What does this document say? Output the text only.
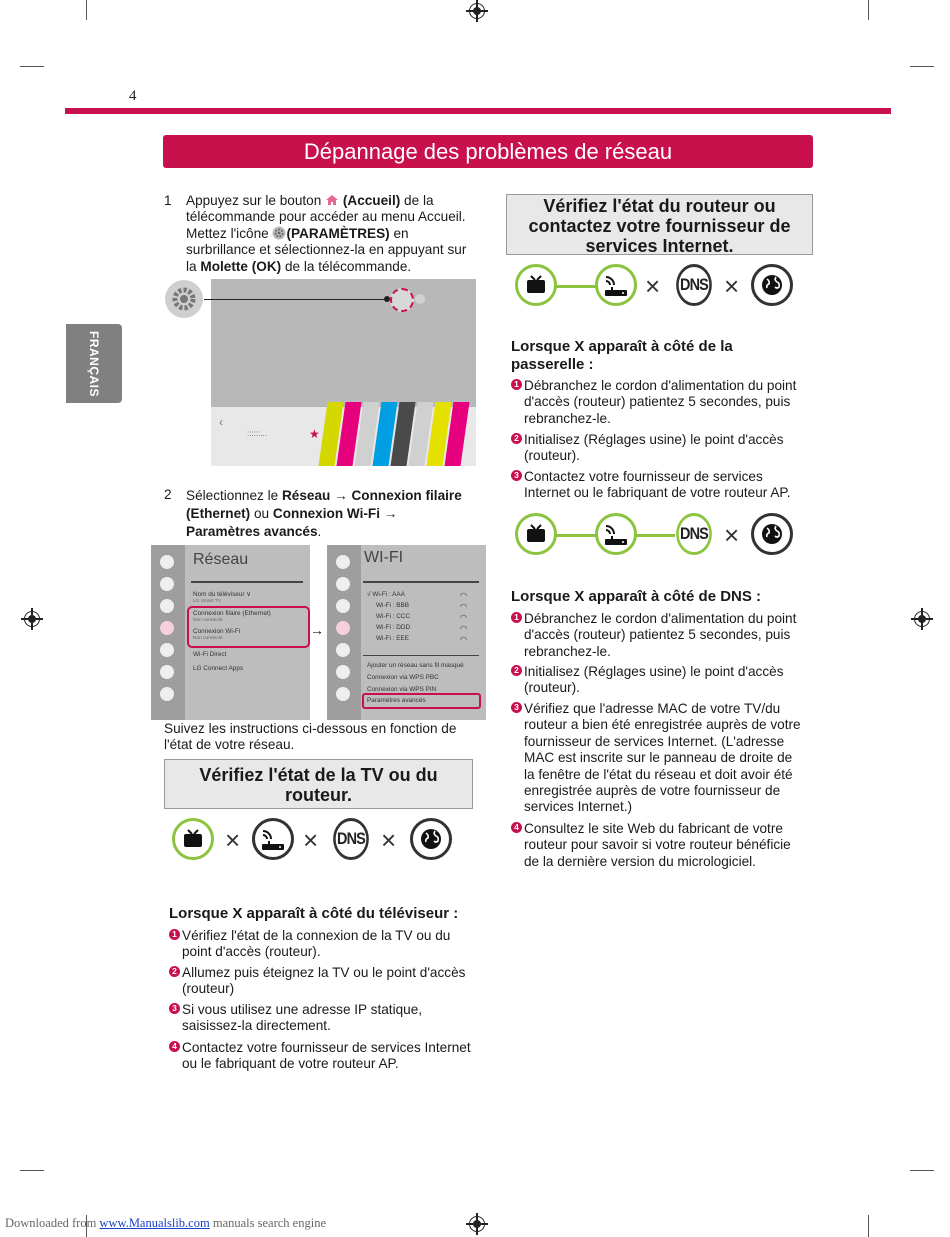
4
Dépannage des problèmes de réseau
FRANÇAIS
1 Appuyez sur le bouton (Accueil) de la télécommande pour accéder au menu Accueil. Mettez l'icône (PARAMÈTRES) en surbrillance et sélectionnez-la en appuyant sur la Molette (OK) de la télécommande.
‹
::::::...	★
2 Sélectionnez le Réseau → Connexion filaire (Ethernet) ou Connexion Wi-Fi → Paramètres avancés.
Réseau
Nom du téléviseur ∨
LG Smart TV
Connexion filaire (Ethernet)
Non connecté
Connexion Wi-Fi
Non connecté
Wi-Fi Direct
LG Connect Apps
→
WI-FI
√ Wi-Fi : AAA
Wi-Fi : BBB
Wi-Fi : CCC
Wi-Fi : DDD
Wi-Fi : EEE
◠
◠
◠
◠
◠
Ajouter un réseau sans fil masqué
Connexion via WPS PBC
Connexion via WPS PIN
Paramètres avancés

Suivez les instructions ci-dessous en fonction de l'état de votre réseau.

Vérifiez l'état de la TV ou du routeur.
× × DNS ×
Lorsque X apparaît à côté du téléviseur :
1 Vérifiez l'état de la connexion de la TV ou du point d'accès (routeur).
2 Allumez puis éteignez la TV ou le point d'accès (routeur)
3 Si vous utilisez une adresse IP statique, saisissez-la directement.
4 Contactez votre fournisseur de services Internet ou le fabriquant de votre routeur AP.
Vérifiez l'état du routeur ou contactez votre fournisseur de services Internet.
× DNS ×
Lorsque X apparaît à côté de la passerelle :
1 Débranchez le cordon d'alimentation du point d'accès (routeur) patientez 5 secondes, puis rebranchez-le.
2 Initialisez (Réglages usine) le point d'accès (routeur).
3 Contactez votre fournisseur de services Internet ou le fabriquant de votre routeur AP.
DNS ×
Lorsque X apparaît à côté de DNS :
1 Débranchez le cordon d'alimentation du point d'accès (routeur) patientez 5 secondes, puis rebranchez-le.
2 Initialisez (Réglages usine) le point d'accès (routeur).
3 Vérifiez que l'adresse MAC de votre TV/du routeur a bien été enregistrée auprès de votre fournisseur de services Internet. (L'adresse MAC est inscrite sur le panneau de droite de la fenêtre de l'état du réseau et doit avoir été enregistrée auprès de votre fournisseur de services Internet.)
4 Consultez le site Web du fabricant de votre routeur pour savoir si votre routeur bénéficie de la dernière version du micrologiciel.
Downloaded from www.Manualslib.com manuals search engine
